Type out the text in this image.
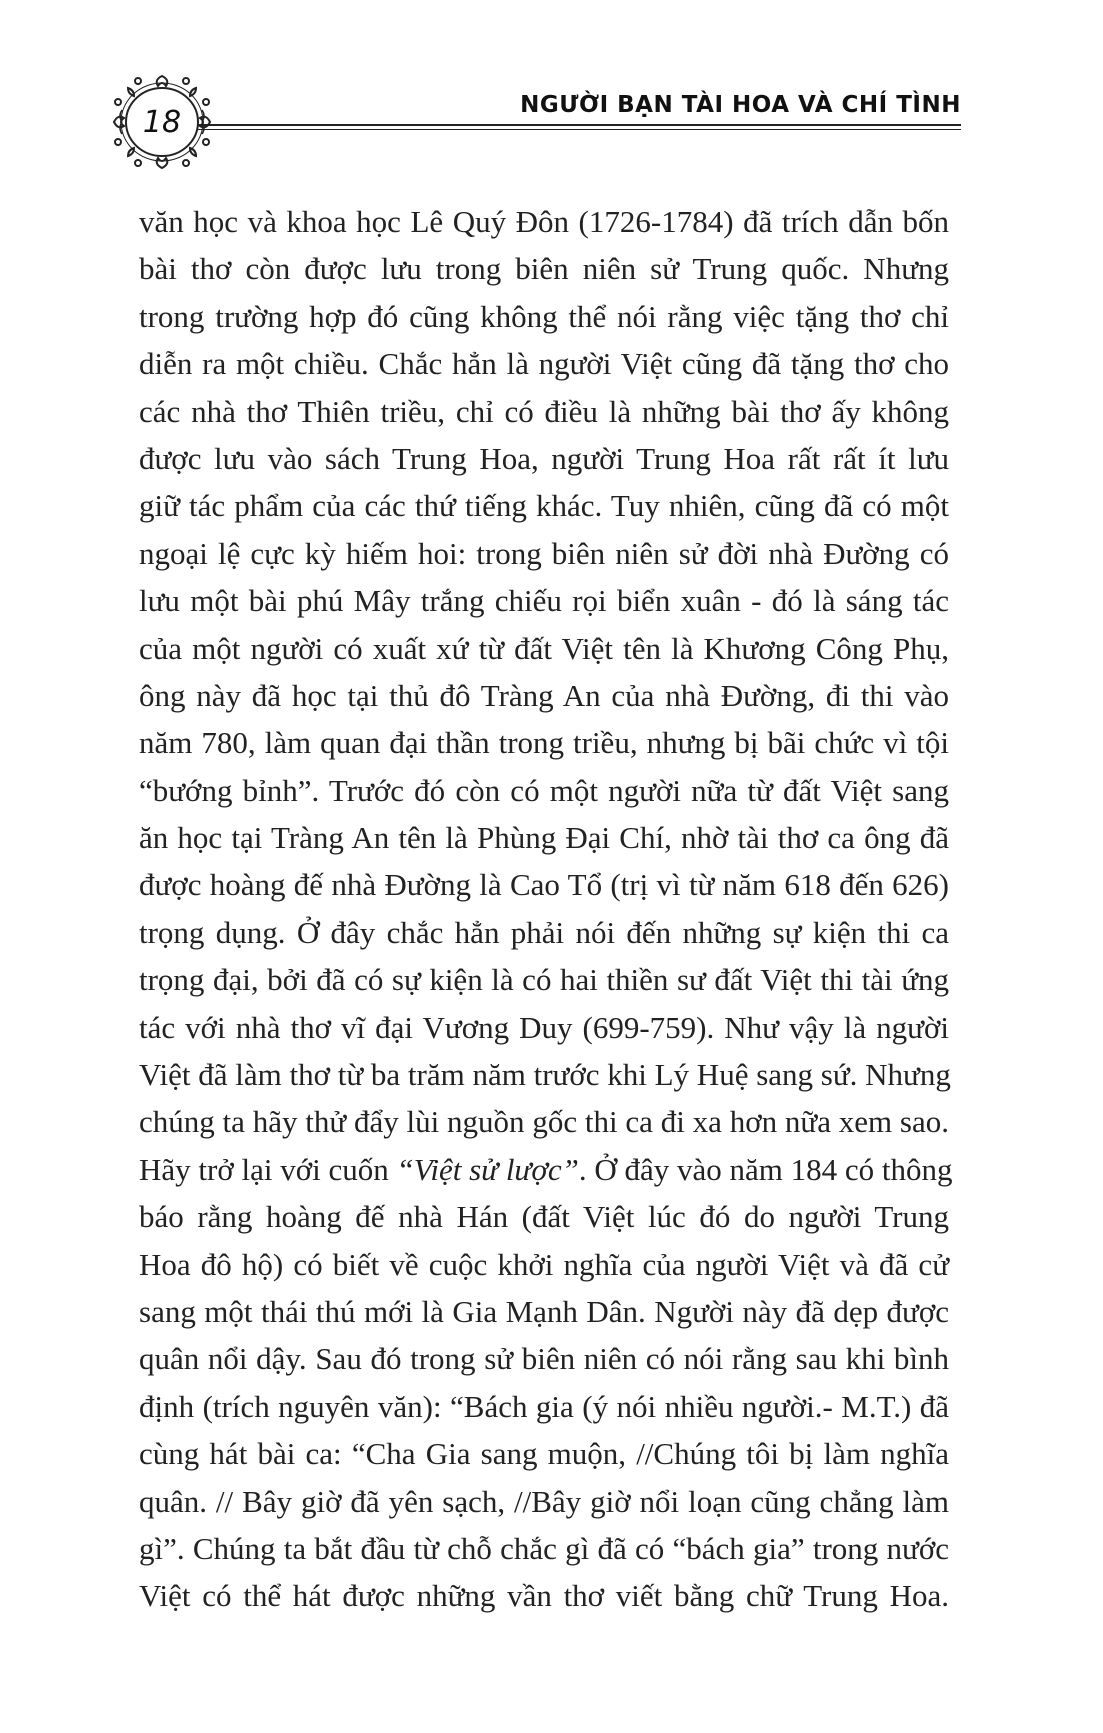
18	NGƯỜI BẠN TÀI HOA VÀ CHÍ TÌNH
văn học và khoa học Lê Quý Đôn (1726-1784) đã trích dẫn bốn
bài thơ còn được lưu trong biên niên sử Trung quốc. Nhưng
trong trường hợp đó cũng không thể nói rằng việc tặng thơ chỉ
diễn ra một chiều. Chắc hẳn là người Việt cũng đã tặng thơ cho
các nhà thơ Thiên triều, chỉ có điều là những bài thơ ấy không
được lưu vào sách Trung Hoa, người Trung Hoa rất rất ít lưu
giữ tác phẩm của các thứ tiếng khác. Tuy nhiên, cũng đã có một
ngoại lệ cực kỳ hiếm hoi: trong biên niên sử đời nhà Đường có
lưu một bài phú Mây trắng chiếu rọi biển xuân - đó là sáng tác
của một người có xuất xứ từ đất Việt tên là Khương Công Phụ,
ông này đã học tại thủ đô Tràng An của nhà Đường, đi thi vào
năm 780, làm quan đại thần trong triều, nhưng bị bãi chức vì tội
“bướng bỉnh”. Trước đó còn có một người nữa từ đất Việt sang
ăn học tại Tràng An tên là Phùng Đại Chí, nhờ tài thơ ca ông đã
được hoàng đế nhà Đường là Cao Tổ (trị vì từ năm 618 đến 626)
trọng dụng. Ở đây chắc hẳn phải nói đến những sự kiện thi ca
trọng đại, bởi đã có sự kiện là có hai thiền sư đất Việt thi tài ứng
tác với nhà thơ vĩ đại Vương Duy (699-759). Như vậy là người
Việt đã làm thơ từ ba trăm năm trước khi Lý Huệ sang sứ. Nhưng
chúng ta hãy thử đẩy lùi nguồn gốc thi ca đi xa hơn nữa xem sao.
Hãy trở lại với cuốn “Việt sử lược”. Ở đây vào năm 184 có thông
báo rằng hoàng đế nhà Hán (đất Việt lúc đó do người Trung
Hoa đô hộ) có biết về cuộc khởi nghĩa của người Việt và đã cử
sang một thái thú mới là Gia Mạnh Dân. Người này đã dẹp được
quân nổi dậy. Sau đó trong sử biên niên có nói rằng sau khi bình
định (trích nguyên văn): “Bách gia (ý nói nhiều người.- M.T.) đã
cùng hát bài ca: “Cha Gia sang muộn, //Chúng tôi bị làm nghĩa
quân. // Bây giờ đã yên sạch, //Bây giờ nổi loạn cũng chẳng làm
gì”. Chúng ta bắt đầu từ chỗ chắc gì đã có “bách gia” trong nước
Việt có thể hát được những vần thơ viết bằng chữ Trung Hoa.
